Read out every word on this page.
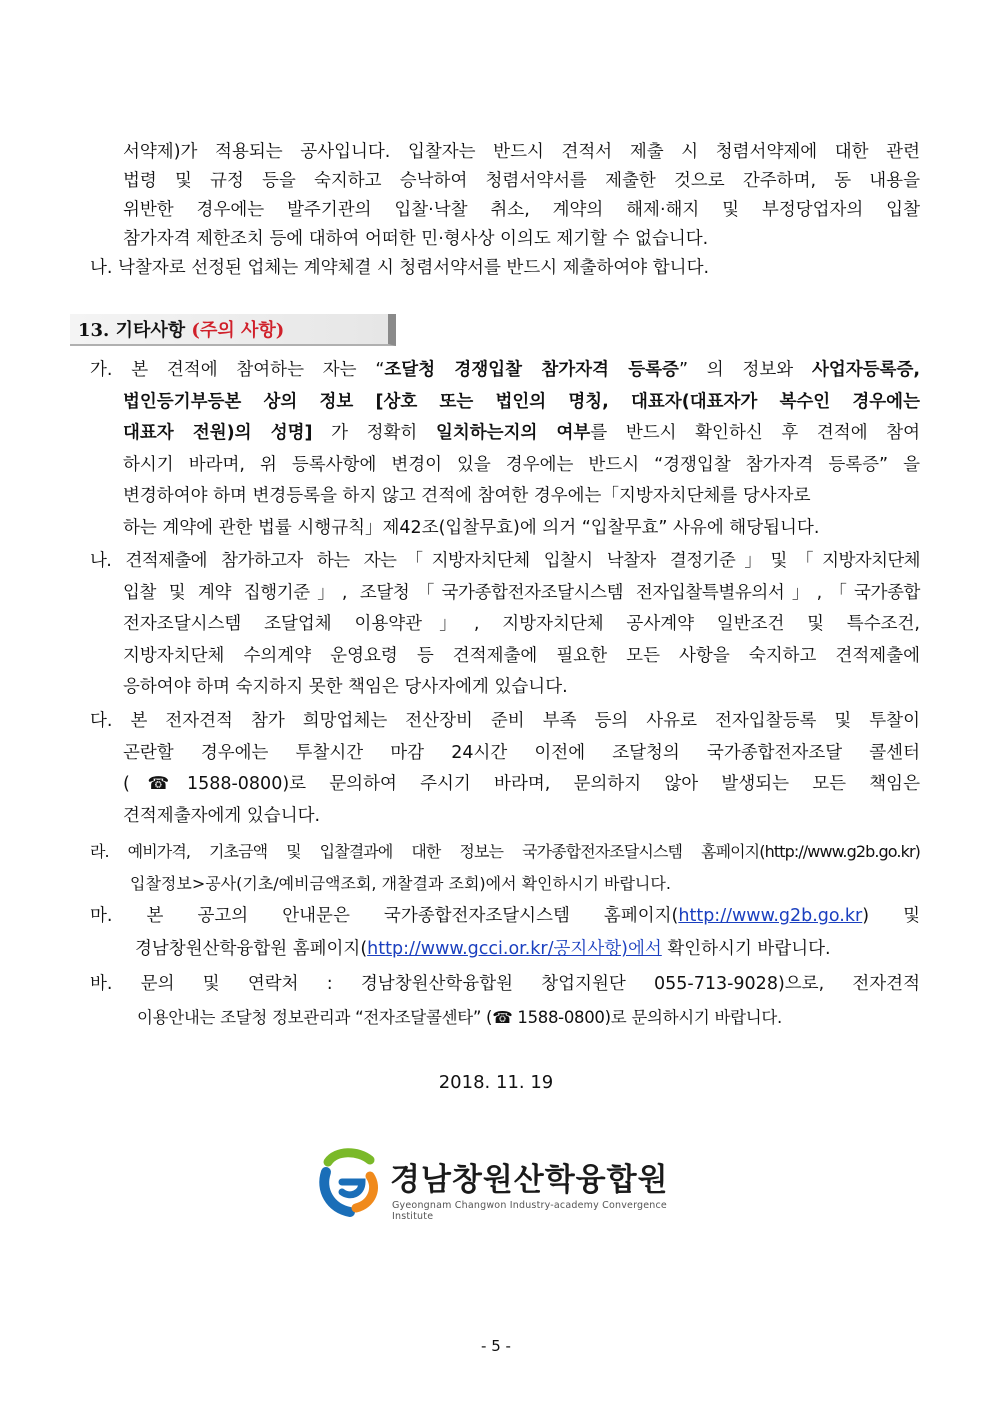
서약제)가 적용되는 공사입니다. 입찰자는 반드시 견적서 제출 시 청렴서약제에 대한 관련
법령 및 규정 등을 숙지하고 승낙하여 청렴서약서를 제출한 것으로 간주하며, 동 내용을
위반한 경우에는 발주기관의 입찰·낙찰 취소, 계약의 해제·해지 및 부정당업자의 입찰
참가자격 제한조치 등에 대하여 어떠한 민·형사상 이의도 제기할 수 없습니다.
나. 낙찰자로 선정된 업체는 계약체결 시 청렴서약서를 반드시 제출하여야 합니다.
13. 기타사항 (주의 사항)
가. 본 견적에 참여하는 자는 “조달청 경쟁입찰 참가자격 등록증” 의 정보와 사업자등록증,
법인등기부등본 상의 정보 [상호 또는 법인의 명칭, 대표자(대표자가 복수인 경우에는
대표자 전원)의 성명] 가 정확히 일치하는지의 여부를 반드시 확인하신 후 견적에 참여
하시기 바라며, 위 등록사항에 변경이 있을 경우에는 반드시 “경쟁입찰 참가자격 등록증” 을
변경하여야 하며 변경등록을 하지 않고 견적에 참여한 경우에는「지방자치단체를 당사자로
하는 계약에 관한 법률 시행규칙」제42조(입찰무효)에 의거 “입찰무효” 사유에 해당됩니다.
나. 견적제출에 참가하고자 하는 자는「지방자치단체 입찰시 낙찰자 결정기준」및「지방자치단체
입찰 및 계약 집행기준」, 조달청「국가종합전자조달시스템 전자입찰특별유의서」,「국가종합
전자조달시스템 조달업체 이용약관」, 지방자치단체 공사계약 일반조건 및 특수조건,
지방자치단체 수의계약 운영요령 등 견적제출에 필요한 모든 사항을 숙지하고 견적제출에
응하여야 하며 숙지하지 못한 책임은 당사자에게 있습니다.
다. 본 전자견적 참가 희망업체는 전산장비 준비 부족 등의 사유로 전자입찰등록 및 투찰이
곤란할 경우에는 투찰시간 마감 24시간 이전에 조달청의 국가종합전자조달 콜센터
(☎1588-0800)로 문의하여 주시기 바라며, 문의하지 않아 발생되는 모든 책임은
견적제출자에게 있습니다.
라. 예비가격, 기초금액 및 입찰결과에 대한 정보는 국가종합전자조달시스템 홈페이지(http://www.g2b.go.kr)
입찰정보>공사(기초/예비금액조회, 개찰결과 조회)에서 확인하시기 바랍니다.
마. 본 공고의 안내문은 국가종합전자조달시스템 홈페이지(http://www.g2b.go.kr) 및
경남창원산학융합원 홈페이지(http://www.gcci.or.kr/공지사항)에서 확인하시기 바랍니다.
바. 문의 및 연락처 : 경남창원산학융합원 창업지원단 055-713-9028)으로, 전자견적
이용안내는 조달청 정보관리과 “전자조달콜센타” (☎ 1588-0800)로 문의하시기 바랍니다.
2018. 11. 19
경남창원산학융합원
Gyeongnam Changwon Industry-academy Convergence Institute
- 5 -
